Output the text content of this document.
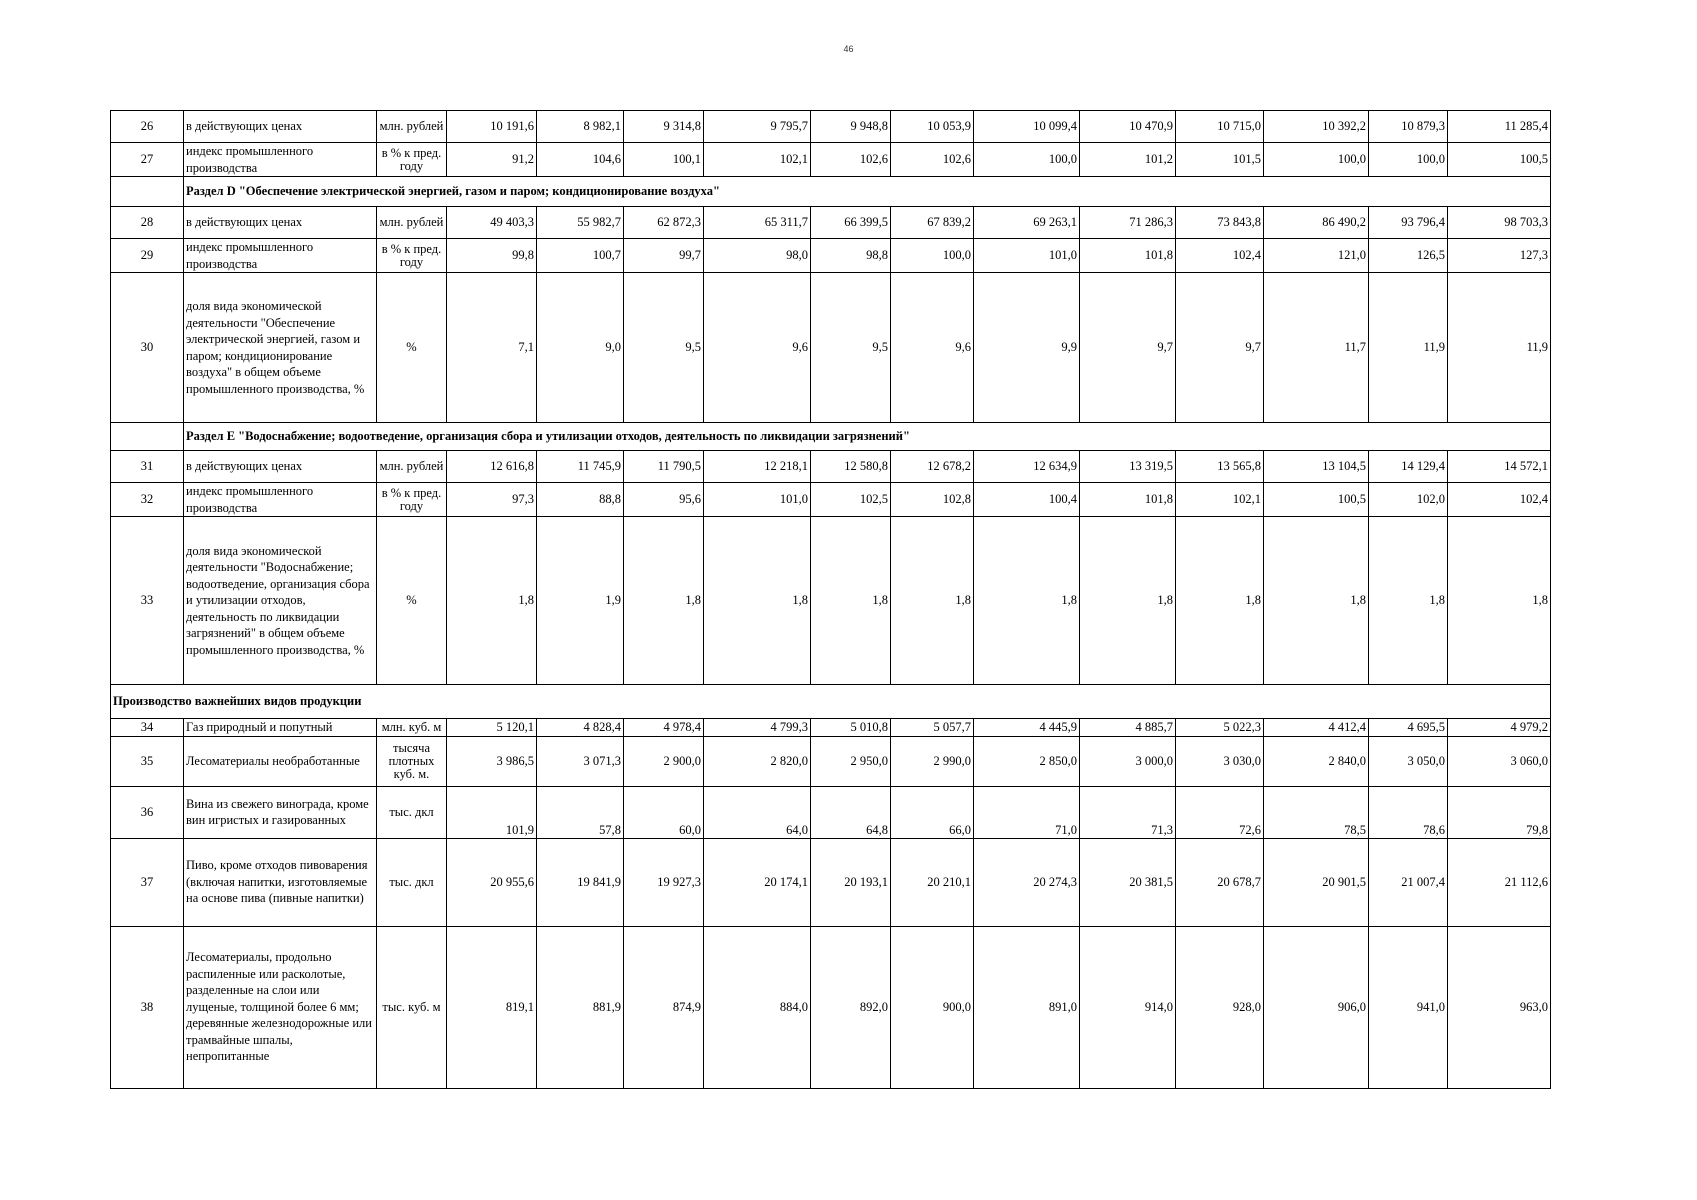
46
26	в действующих ценах	млн. рублей	10 191,6	8 982,1	9 314,8	9 795,7	9 948,8	10 053,9	10 099,4	10 470,9	10 715,0	10 392,2	10 879,3	11 285,4
27	индекс промышленного производства	в % к пред. году	91,2	104,6	100,1	102,1	102,6	102,6	100,0	101,2	101,5	100,0	100,0	100,5
	Раздел D "Обеспечение электрической энергией, газом и паром; кондиционирование воздуха"													
28	в действующих ценах	млн. рублей	49 403,3	55 982,7	62 872,3	65 311,7	66 399,5	67 839,2	69 263,1	71 286,3	73 843,8	86 490,2	93 796,4	98 703,3
29	индекс промышленного производства	в % к пред. году	99,8	100,7	99,7	98,0	98,8	100,0	101,0	101,8	102,4	121,0	126,5	127,3
30	доля вида экономической деятельности "Обеспечение электрической энергией, газом и паром; кондиционирование воздуха" в общем объеме промышленного производства, %	%	7,1	9,0	9,5	9,6	9,5	9,6	9,9	9,7	9,7	11,7	11,9	11,9
	Раздел E "Водоснабжение; водоотведение, организация сбора и утилизации отходов, деятельность по ликвидации загрязнений"													
31	в действующих ценах	млн. рублей	12 616,8	11 745,9	11 790,5	12 218,1	12 580,8	12 678,2	12 634,9	13 319,5	13 565,8	13 104,5	14 129,4	14 572,1
32	индекс промышленного производства	в % к пред. году	97,3	88,8	95,6	101,0	102,5	102,8	100,4	101,8	102,1	100,5	102,0	102,4
33	доля вида экономической деятельности "Водоснабжение; водоотведение, организация сбора и утилизации отходов, деятельность по ликвидации загрязнений" в общем объеме промышленного производства, %	%	1,8	1,9	1,8	1,8	1,8	1,8	1,8	1,8	1,8	1,8	1,8	1,8
Производство важнейших видов продукции														
34	Газ природный и попутный	млн. куб. м	5 120,1	4 828,4	4 978,4	4 799,3	5 010,8	5 057,7	4 445,9	4 885,7	5 022,3	4 412,4	4 695,5	4 979,2
35	Лесоматериалы необработанные	тысяча плотных куб. м.	3 986,5	3 071,3	2 900,0	2 820,0	2 950,0	2 990,0	2 850,0	3 000,0	3 030,0	2 840,0	3 050,0	3 060,0
36	Вина из свежего винограда, кроме вин игристых и газированных	тыс. дкл	101,9	57,8	60,0	64,0	64,8	66,0	71,0	71,3	72,6	78,5	78,6	79,8
37	Пиво, кроме отходов пивоварения (включая напитки, изготовляемые на основе пива (пивные напитки)	тыс. дкл	20 955,6	19 841,9	19 927,3	20 174,1	20 193,1	20 210,1	20 274,3	20 381,5	20 678,7	20 901,5	21 007,4	21 112,6
38	Лесоматериалы, продольно распиленные или расколотые, разделенные на слои или лущеные, толщиной более 6 мм; деревянные железнодорожные или трамвайные шпалы, непропитанные	тыс. куб. м	819,1	881,9	874,9	884,0	892,0	900,0	891,0	914,0	928,0	906,0	941,0	963,0
